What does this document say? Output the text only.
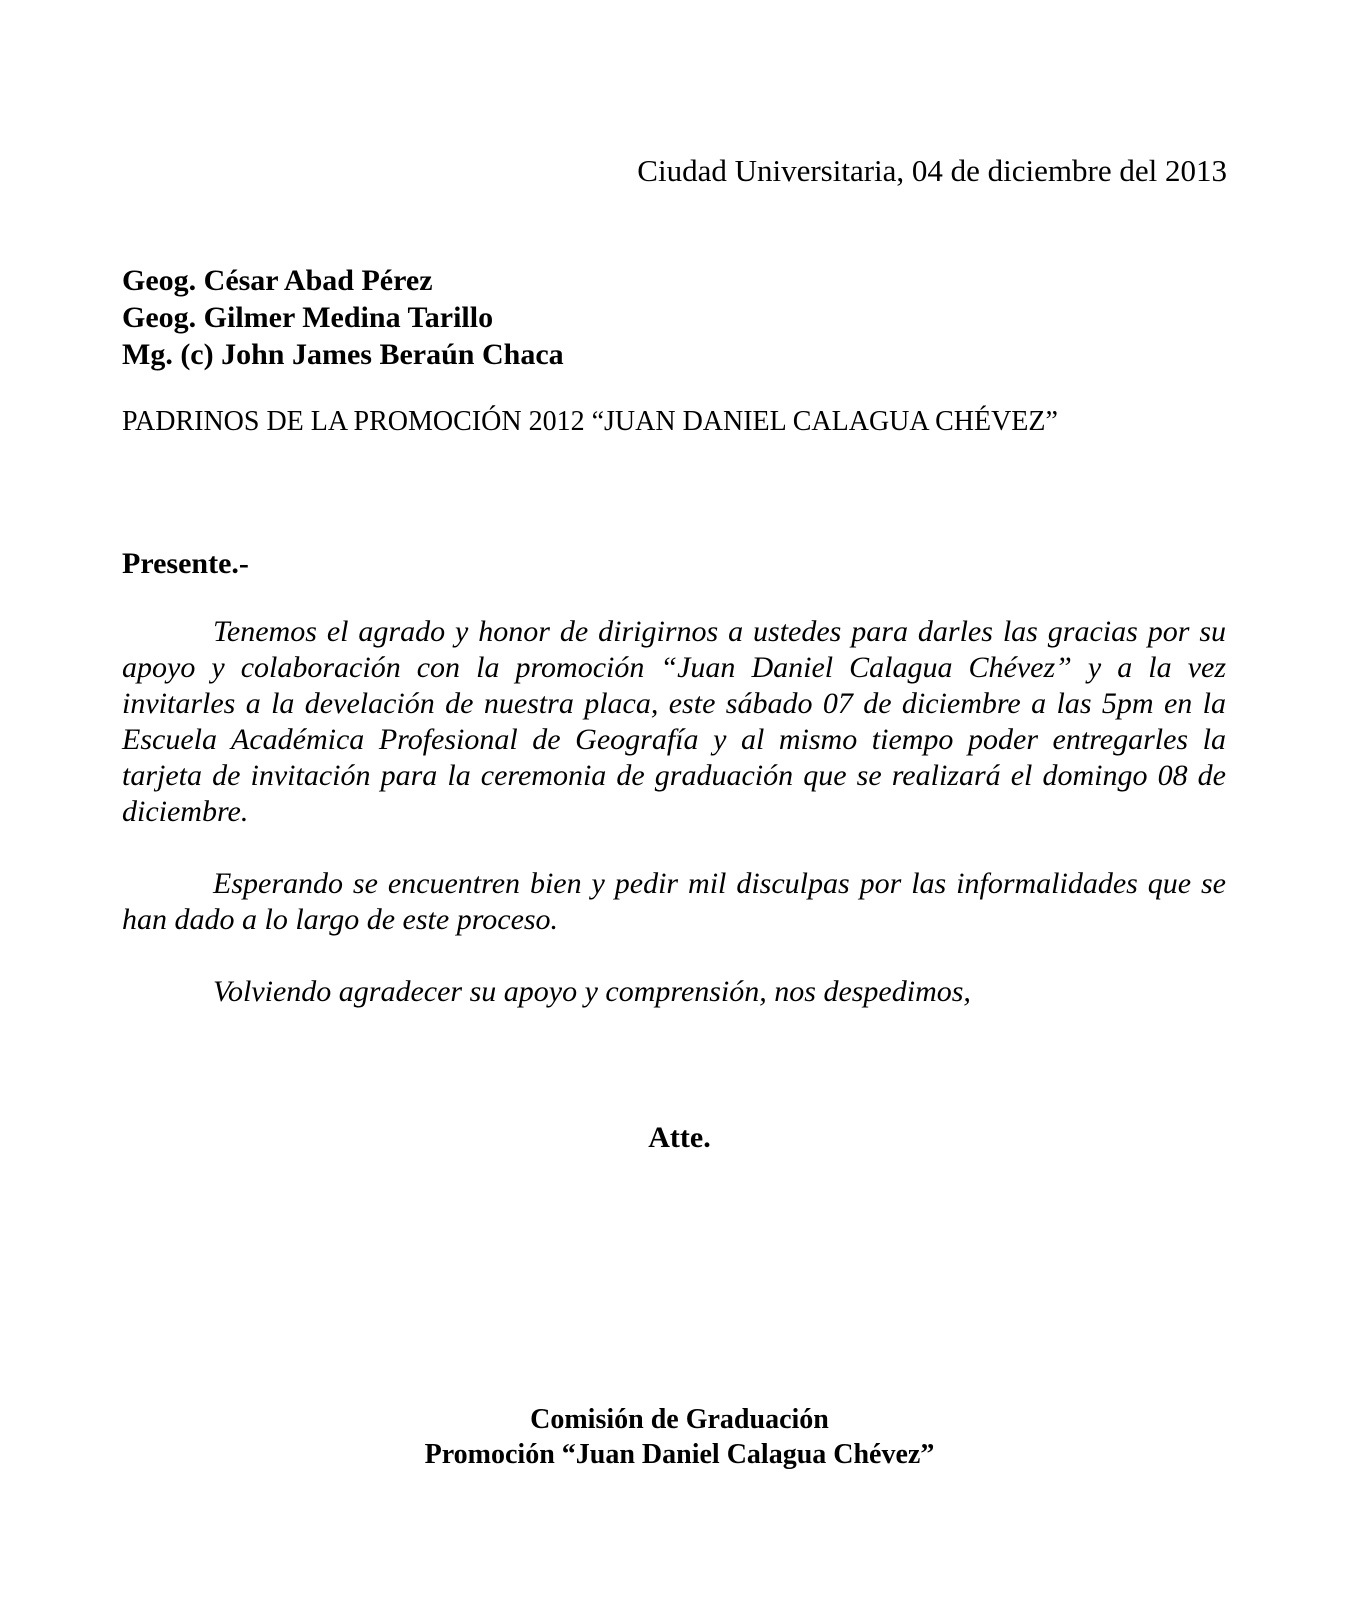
Ciudad Universitaria, 04 de diciembre del 2013
Geog. César Abad Pérez
Geog. Gilmer Medina Tarillo
Mg. (c) John James Beraún Chaca
PADRINOS DE LA PROMOCIÓN 2012 “JUAN DANIEL CALAGUA CHÉVEZ”
Presente.-

Tenemos el agrado y honor de dirigirnos a ustedes para darles las gracias por su apoyo y colaboración con la promoción “Juan Daniel Calagua Chévez” y a la vez invitarles a la develación de nuestra placa, este sábado 07 de diciembre a las 5pm en la Escuela Académica Profesional de Geografía y al mismo tiempo poder entregarles la tarjeta de invitación para la ceremonia de graduación que se realizará el domingo 08 de diciembre.

Esperando se encuentren bien y pedir mil disculpas por las informalidades que se han dado a lo largo de este proceso.

Volviendo agradecer su apoyo y comprensión, nos despedimos,

Atte.
Comisión de Graduación
Promoción “Juan Daniel Calagua Chévez”
